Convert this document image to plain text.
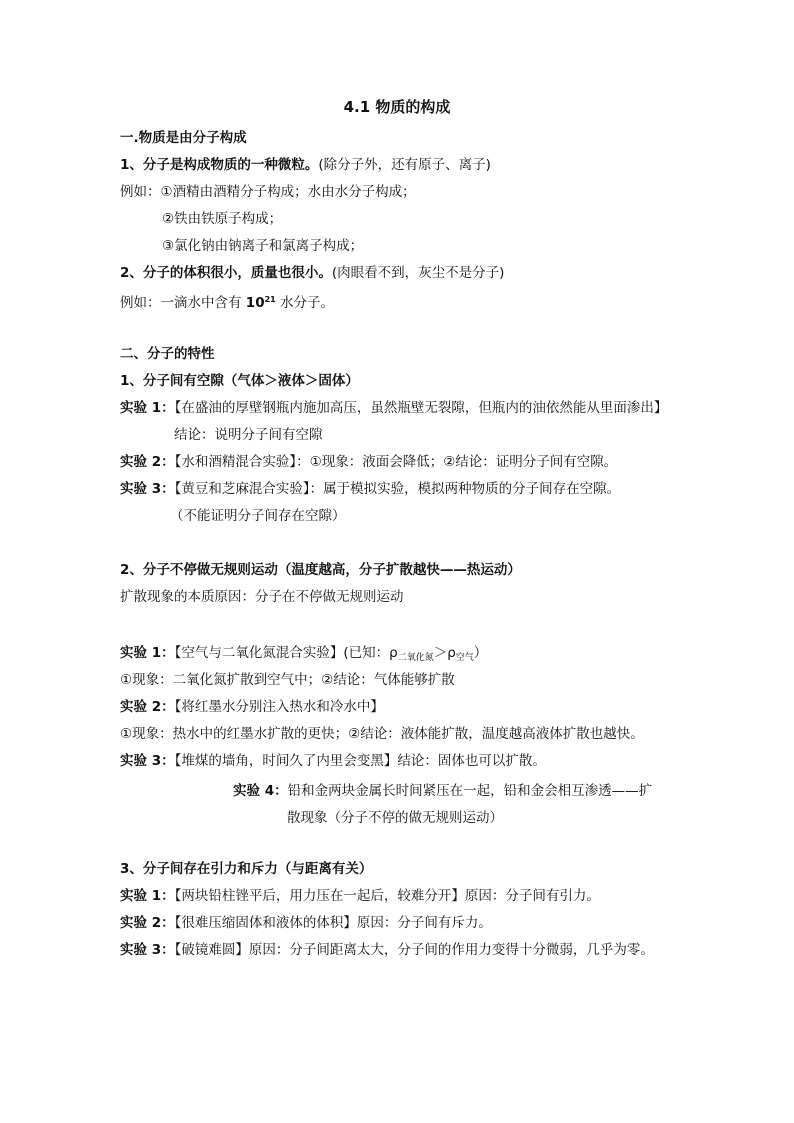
4.1 物质的构成
一.物质是由分子构成
1、分子是构成物质的一种微粒。(除分子外，还有原子、离子)
例如：①酒精由酒精分子构成；水由水分子构成；
②铁由铁原子构成；
③氯化钠由钠离子和氯离子构成；
2、分子的体积很小，质量也很小。(肉眼看不到，灰尘不是分子)
例如：一滴水中含有 $10^{21}$ 水分子。
二、分子的特性
1、分子间有空隙（气体＞液体＞固体）
实验 1：【在盛油的厚壁钢瓶内施加高压，虽然瓶壁无裂隙，但瓶内的油依然能从里面渗出】
结论：说明分子间有空隙
实验 2：【水和酒精混合实验】：①现象：液面会降低；②结论：证明分子间有空隙。
实验 3：【黄豆和芝麻混合实验】：属于模拟实验，模拟两种物质的分子间存在空隙。
（不能证明分子间存在空隙）
2、分子不停做无规则运动（温度越高，分子扩散越快——热运动）
扩散现象的本质原因：分子在不停做无规则运动
实验 1：【空气与二氧化氮混合实验】(已知：$\rho_{二氧化氮}>\rho_{空气}$）
①现象：二氧化氮扩散到空气中；②结论：气体能够扩散
实验 2：【将红墨水分别注入热水和冷水中】
①现象：热水中的红墨水扩散的更快；②结论：液体能扩散，温度越高液体扩散也越快。
实验 3：【堆煤的墙角，时间久了内里会变黑】结论：固体也可以扩散。
实验 4：铅和金两块金属长时间紧压在一起，铅和金会相互渗透——扩
散现象（分子不停的做无规则运动）
3、分子间存在引力和斥力（与距离有关）
实验 1：【两块铅柱锉平后，用力压在一起后，较难分开】原因：分子间有引力。
实验 2：【很难压缩固体和液体的体积】原因：分子间有斥力。
实验 3：【破镜难圆】原因：分子间距离太大，分子间的作用力变得十分微弱，几乎为零。
